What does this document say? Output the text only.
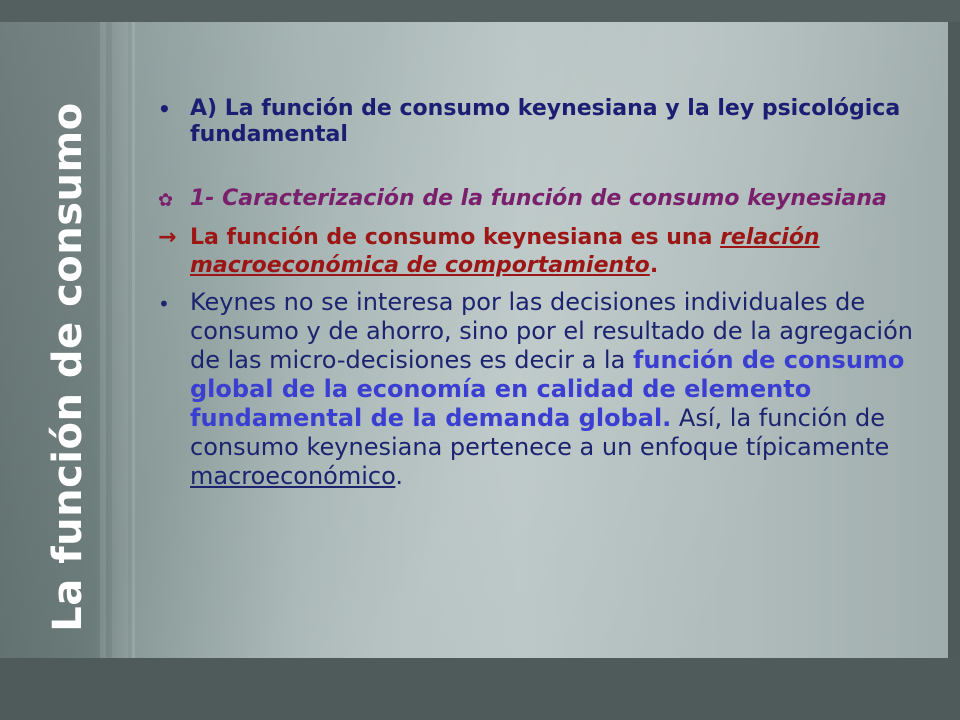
La función de consumo	• A) La función de consumo keynesiana y la ley psicológica fundamental
✿ 1- Caracterización de la función de consumo keynesiana
→ La función de consumo keynesiana es una relación macroeconómica de comportamiento.
• Keynes no se interesa por las decisiones individuales de consumo y de ahorro, sino por el resultado de la agregación de las micro-decisiones es decir a la función de consumo global de la economía en calidad de elemento fundamental de la demanda global. Así, la función de consumo keynesiana pertenece a un enfoque típicamente macroeconómico.
